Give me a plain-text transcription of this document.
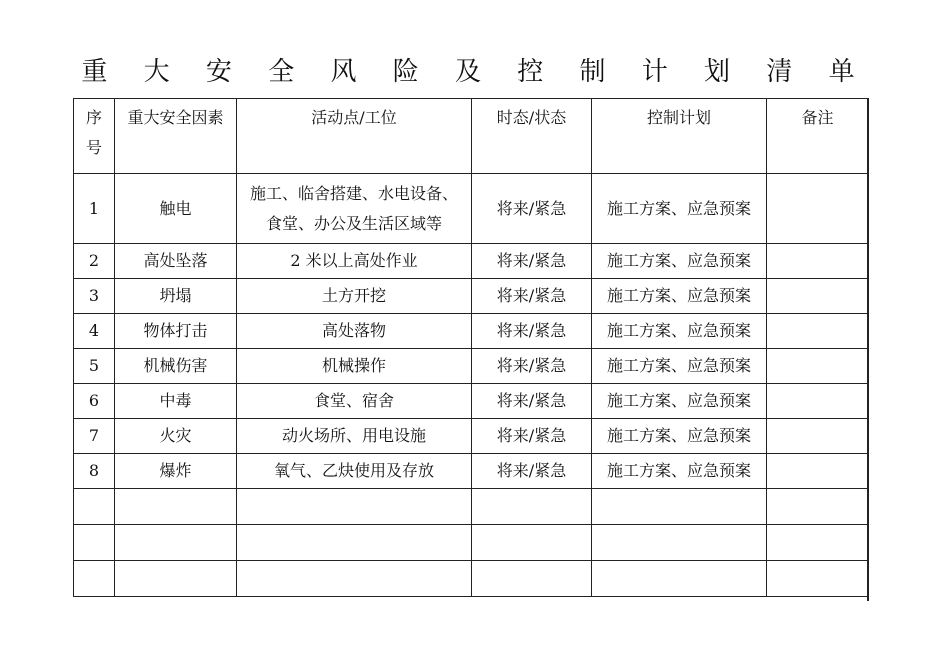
重 大 安 全 风 险 及 控 制 计 划 清 单
序
号	重大安全因素	活动点/工位	时态/状态	控制计划	备注
1	触电	施工、临舍搭建、水电设备、
食堂、办公及生活区域等	将来/紧急	施工方案、应急预案	
2	高处坠落	2 米以上高处作业	将来/紧急	施工方案、应急预案	
3	坍塌	土方开挖	将来/紧急	施工方案、应急预案	
4	物体打击	高处落物	将来/紧急	施工方案、应急预案	
5	机械伤害	机械操作	将来/紧急	施工方案、应急预案	
6	中毒	食堂、宿舍	将来/紧急	施工方案、应急预案	
7	火灾	动火场所、用电设施	将来/紧急	施工方案、应急预案	
8	爆炸	氧气、乙炔使用及存放	将来/紧急	施工方案、应急预案	
